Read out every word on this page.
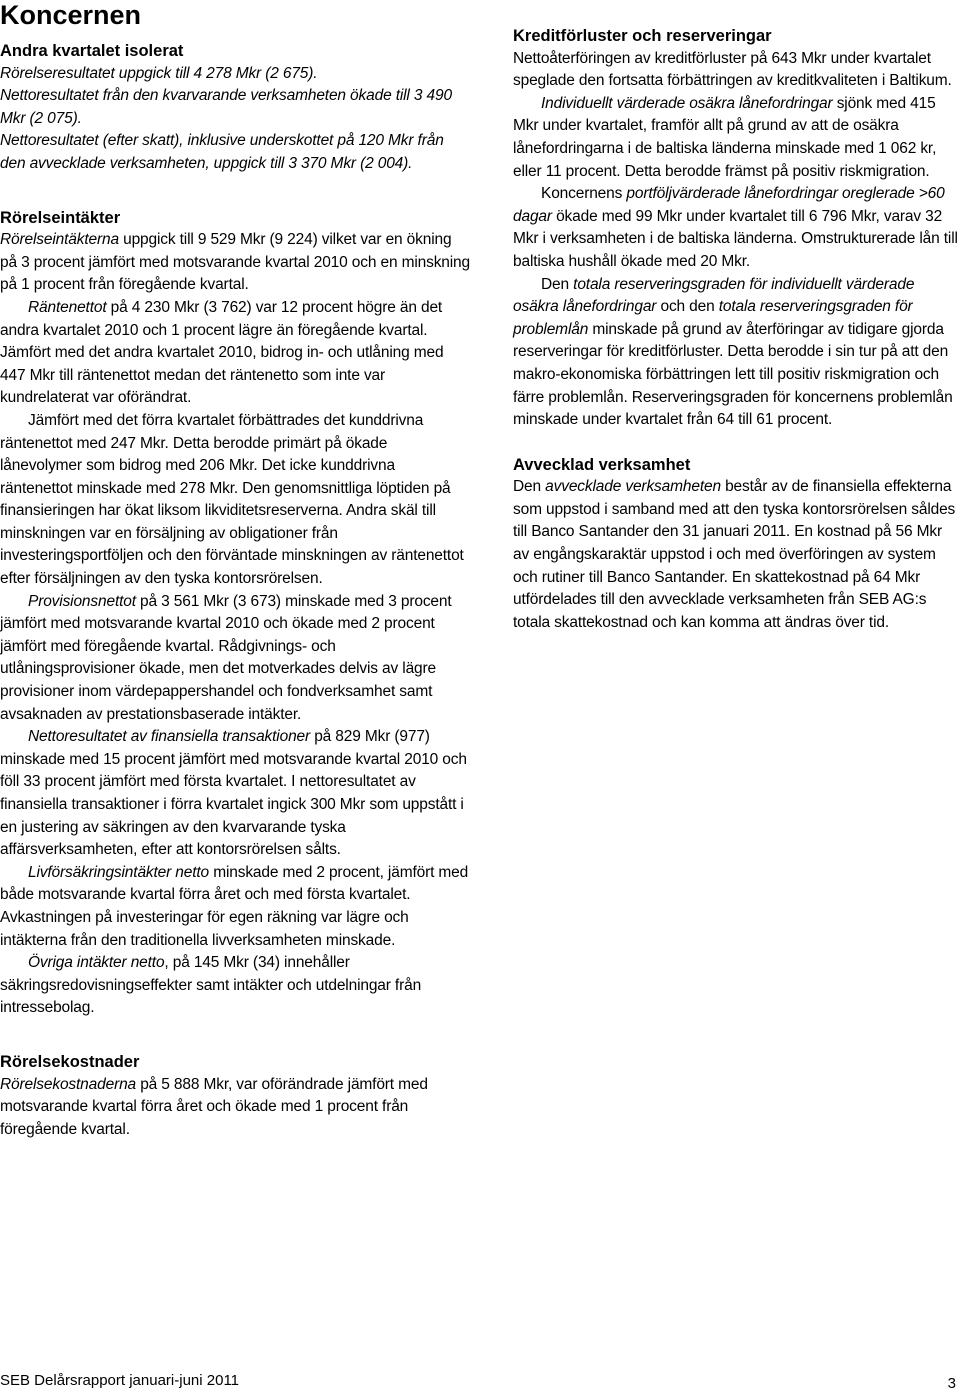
Koncernen
Andra kvartalet isolerat

Rörelseresultatet uppgick till 4 278 Mkr (2 675).

Nettoresultatet från den kvarvarande verksamheten ökade till 3 490 Mkr (2 075).

Nettoresultatet (efter skatt), inklusive underskottet på 120 Mkr från den avvecklade verksamheten, uppgick till 3 370 Mkr (2 004).

Rörelseintäkter

Rörelseintäkterna uppgick till 9 529 Mkr (9 224) vilket var en ökning på 3 procent jämfört med motsvarande kvartal 2010 och en minskning på 1 procent från föregående kvartal.

Räntenettot på 4 230 Mkr (3 762) var 12 procent högre än det andra kvartalet 2010 och 1 procent lägre än föregående kvartal. Jämfört med det andra kvartalet 2010, bidrog in- och utlåning med 447 Mkr till räntenettot medan det räntenetto som inte var kundrelaterat var oförändrat.

Jämfört med det förra kvartalet förbättrades det kunddrivna räntenettot med 247 Mkr. Detta berodde primärt på ökade lånevolymer som bidrog med 206 Mkr. Det icke kunddrivna räntenettot minskade med 278 Mkr. Den genomsnittliga löptiden på finansieringen har ökat liksom likviditetsreserverna. Andra skäl till minskningen var en försäljning av obligationer från investeringsportföljen och den förväntade minskningen av räntenettot efter försäljningen av den tyska kontorsrörelsen.

Provisionsnettot på 3 561 Mkr (3 673) minskade med 3 procent jämfört med motsvarande kvartal 2010 och ökade med 2 procent jämfört med föregående kvartal. Rådgivnings- och utlåningsprovisioner ökade, men det motverkades delvis av lägre provisioner inom värdepappershandel och fondverksamhet samt avsaknaden av prestationsbaserade intäkter.

Nettoresultatet av finansiella transaktioner på 829 Mkr (977) minskade med 15 procent jämfört med motsvarande kvartal 2010 och föll 33 procent jämfört med första kvartalet. I nettoresultatet av finansiella transaktioner i förra kvartalet ingick 300 Mkr som uppstått i en justering av säkringen av den kvarvarande tyska affärsverksamheten, efter att kontorsrörelsen sålts.

Livförsäkringsintäkter netto minskade med 2 procent, jämfört med både motsvarande kvartal förra året och med första kvartalet. Avkastningen på investeringar för egen räkning var lägre och intäkterna från den traditionella livverksamheten minskade.

Övriga intäkter netto, på 145 Mkr (34) innehåller säkringsredovisningseffekter samt intäkter och utdelningar från intressebolag.

Rörelsekostnader

Rörelsekostnaderna på 5 888 Mkr, var oförändrade jämfört med motsvarande kvartal förra året och ökade med 1 procent från föregående kvartal.

Kreditförluster och reserveringar

Nettoåterföringen av kreditförluster på 643 Mkr under kvartalet speglade den fortsatta förbättringen av kreditkvaliteten i Baltikum.

Individuellt värderade osäkra lånefordringar sjönk med 415 Mkr under kvartalet, framför allt på grund av att de osäkra lånefordringarna i de baltiska länderna minskade med 1 062 kr, eller 11 procent. Detta berodde främst på positiv riskmigration.

Koncernens portföljvärderade lånefordringar oreglerade >60 dagar ökade med 99 Mkr under kvartalet till 6 796 Mkr, varav 32 Mkr i verksamheten i de baltiska länderna. Omstrukturerade lån till baltiska hushåll ökade med 20 Mkr.

Den totala reserveringsgraden för individuellt värderade osäkra lånefordringar och den totala reserveringsgraden för problemlån minskade på grund av återföringar av tidigare gjorda reserveringar för kreditförluster. Detta berodde i sin tur på att den makro-ekonomiska förbättringen lett till positiv riskmigration och färre problemlån. Reserveringsgraden för koncernens problemlån minskade under kvartalet från 64 till 61 procent.

Avvecklad verksamhet

Den avvecklade verksamheten består av de finansiella effekterna som uppstod i samband med att den tyska kontorsrörelsen såldes till Banco Santander den 31 januari 2011. En kostnad på 56 Mkr av engångskaraktär uppstod i och med överföringen av system och rutiner till Banco Santander. En skattekostnad på 64 Mkr utfördelades till den avvecklade verksamheten från SEB AG:s totala skattekostnad och kan komma att ändras över tid.

SEB Delårsrapport januari-juni 2011	3
